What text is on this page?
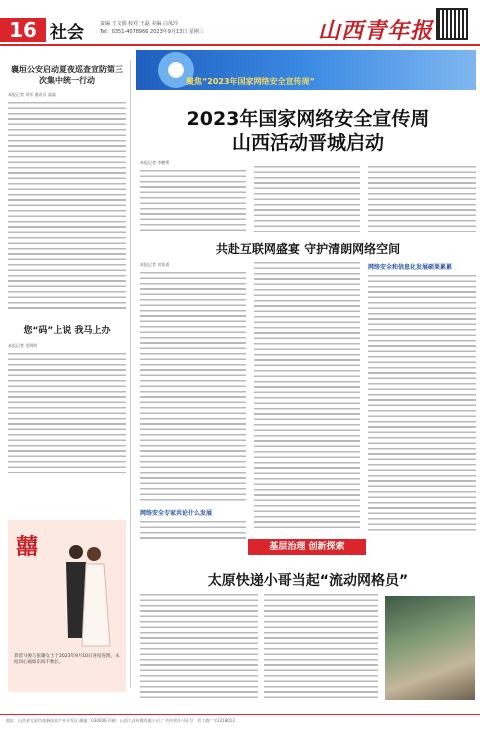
16 社会	责编 王文娟 校对 王磊 美编 白凤玲
Tel：0351-4078966 2023年9月13日 星期三	山西青年报
襄垣公安启动夏夜巡查宣防第三次集中统一行动
本报记者 刘军 通讯员 高磊
您“码”上说 我马上办
本报记者 毛明明
囍
恭贺马俊与张璐女士于2023年9月10日喜结连理，永结同心福如东海千秋长。
聚焦“2023年国家网络安全宣传周”
2023年国家网络安全宣传周
山西活动晋城启动
本报记者 李鹏霄
共赴互联网盛宴 守护清朗网络空间
本报记者 刘家道
网络安全专家共论什么发展
网络安全和信息化发展硕果累累
基层治理 创新探索
太原快递小哥当起“流动网格员”
地址：山西省太原市高新技术产业开发区 邮编：030006 印刷：山西大众传媒有限公司 广告经营许可证号：晋工商广字2218012
